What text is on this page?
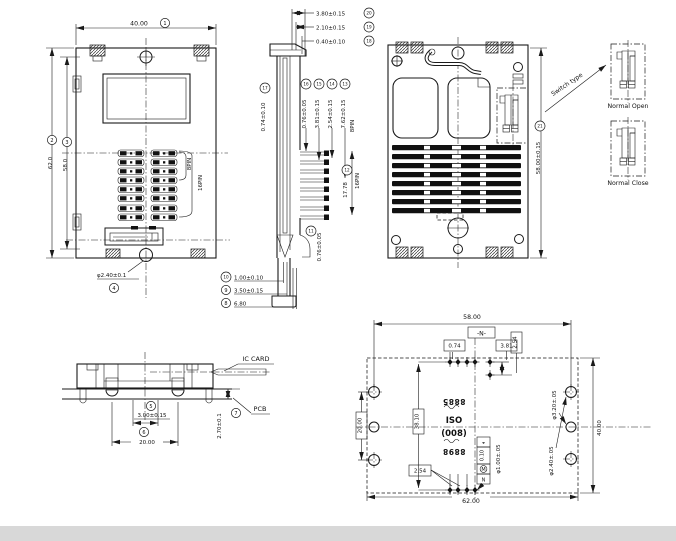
40.00	1
2
62.0
3
58.0	8PIN
16PIN
φ2.40±0.1
4
3.80±0.15	20
2.10±0.15	19
0.40±0.10	18
17
0.74±0.10
16
0.76±0.05
15
3.81±0.15
14
2.54±0.15
13
7.62±0.15 8PIN
12
17.78
16PIN
11
0.76±0.05
10 1.00±0.10
9 3.50±0.15
8 6.80
21
58.00±0.15
Switch type
Normal Open
Normal Close
IC CARD
PCB
5
3.00±0.15
6
20.00
2.70±0.1 7
58.00
-N-
0.74	3.81 2.54
38.10
2.54
20.00
62.00
40.00
φ3.20±.05
φ2.40±.05
⌖
0.10
M
N
φ1.00±.05
8885
ISO
(008)
8898
